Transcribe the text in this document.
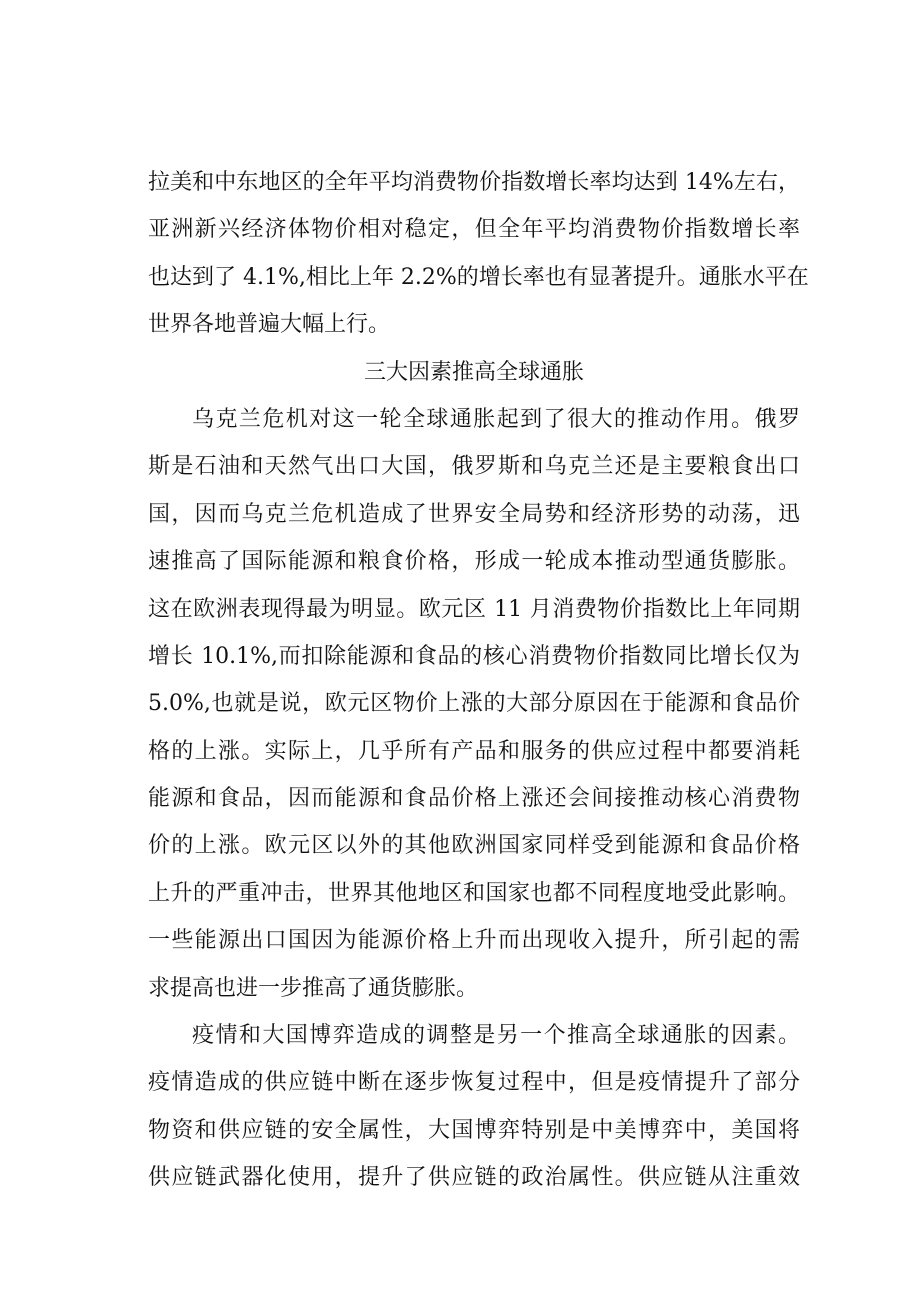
拉美和中东地区的全年平均消费物价指数增长率均达到 14%左右，
亚洲新兴经济体物价相对稳定，但全年平均消费物价指数增长率
也达到了 4.1%,相比上年 2.2%的增长率也有显著提升。通胀水平在
世界各地普遍大幅上行。
三大因素推高全球通胀
乌克兰危机对这一轮全球通胀起到了很大的推动作用。俄罗
斯是石油和天然气出口大国，俄罗斯和乌克兰还是主要粮食出口
国，因而乌克兰危机造成了世界安全局势和经济形势的动荡，迅
速推高了国际能源和粮食价格，形成一轮成本推动型通货膨胀。
这在欧洲表现得最为明显。欧元区 11 月消费物价指数比上年同期
增长 10.1%,而扣除能源和食品的核心消费物价指数同比增长仅为
5.0%,也就是说，欧元区物价上涨的大部分原因在于能源和食品价
格的上涨。实际上，几乎所有产品和服务的供应过程中都要消耗
能源和食品，因而能源和食品价格上涨还会间接推动核心消费物
价的上涨。欧元区以外的其他欧洲国家同样受到能源和食品价格
上升的严重冲击，世界其他地区和国家也都不同程度地受此影响。
一些能源出口国因为能源价格上升而出现收入提升，所引起的需
求提高也进一步推高了通货膨胀。
疫情和大国博弈造成的调整是另一个推高全球通胀的因素。
疫情造成的供应链中断在逐步恢复过程中，但是疫情提升了部分
物资和供应链的安全属性，大国博弈特别是中美博弈中，美国将
供应链武器化使用，提升了供应链的政治属性。供应链从注重效
